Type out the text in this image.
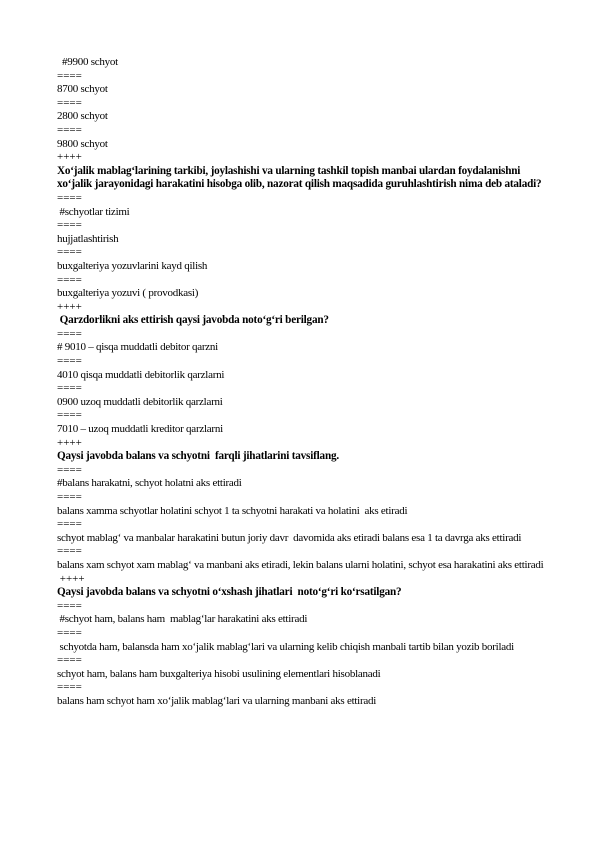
#9900 schyot
====
8700 schyot
====
2800 schyot
====
9800 schyot
++++
Xo‘jalik mablag‘larining tarkibi, joylashishi va ularning tashkil topish manbai ulardan foydalanishni xo‘jalik jarayonidagi harakatini hisobga olib, nazorat qilish maqsadida guruhlashtirish nima deb ataladi?
====
#schyotlar tizimi
====
hujjatlashtirish
====
buxgalteriya yozuvlarini kayd qilish
====
buxgalteriya yozuvi ( provodkasi)
++++
Qarzdorlikni aks ettirish qaysi javobda noto‘g‘ri berilgan?
====
# 9010 – qisqa muddatli debitor qarzni
====
4010 qisqa muddatli debitorlik qarzlarni
====
0900 uzoq muddatli debitorlik qarzlarni
====
7010 – uzoq muddatli kreditor qarzlarni
++++
Qaysi javobda balans va schyotni  farqli jihatlarini tavsiflang.
====
#balans harakatni, schyot holatni aks ettiradi
====
balans xamma schyotlar holatini schyot 1 ta schyotni harakati va holatini  aks etiradi
====
schyot mablag‘ va manbalar harakatini butun joriy davr  davomida aks etiradi balans esa 1 ta davrga aks ettiradi
====
balans xam schyot xam mablag‘ va manbani aks etiradi, lekin balans ularni holatini, schyot esa harakatini aks ettiradi
++++
Qaysi javobda balans va schyotni o‘xshash jihatlari  noto‘g‘ri ko‘rsatilgan?
====
#schyot ham, balans ham  mablag‘lar harakatini aks ettiradi
====
schyotda ham, balansda ham xo‘jalik mablag‘lari va ularning kelib chiqish manbali tartib bilan yozib boriladi
====
schyot ham, balans ham buxgalteriya hisobi usulining elementlari hisoblanadi
====
balans ham schyot ham xo‘jalik mablag‘lari va ularning manbani aks ettiradi
